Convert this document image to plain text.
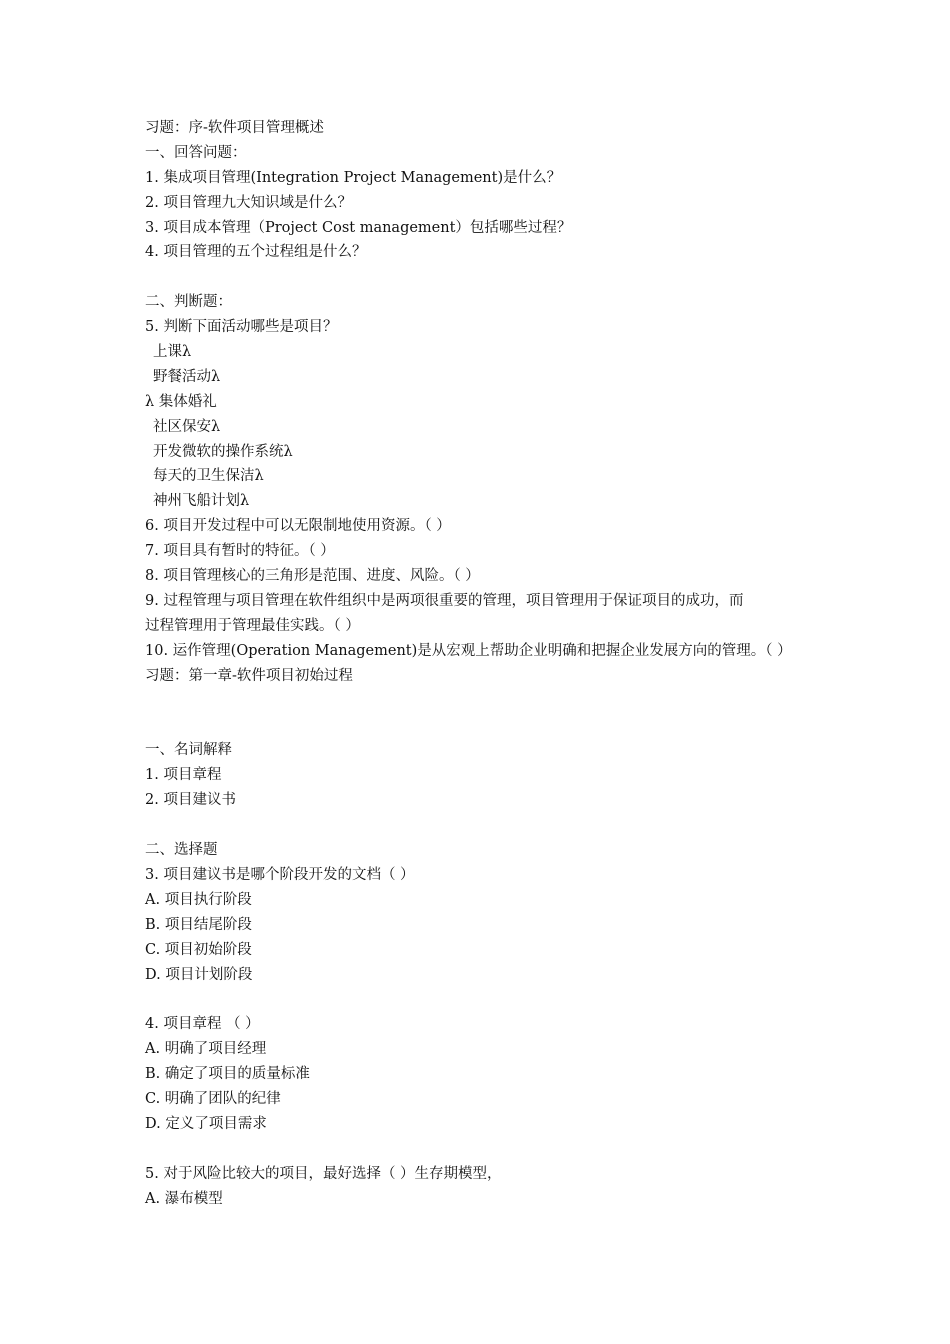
习题：序-软件项目管理概述
一、回答问题：
1. 集成项目管理(Integration Project Management)是什么？
2. 项目管理九大知识域是什么？
3. 项目成本管理（Project Cost management）包括哪些过程？
4. 项目管理的五个过程组是什么？
二、判断题：
5. 判断下面活动哪些是项目？
上课λ
野餐活动λ
λ 集体婚礼
社区保安λ
开发微软的操作系统λ
每天的卫生保洁λ
神州飞船计划λ
6. 项目开发过程中可以无限制地使用资源。（ ）
7. 项目具有暂时的特征。（ ）
8. 项目管理核心的三角形是范围、进度、风险。（ ）
9. 过程管理与项目管理在软件组织中是两项很重要的管理，项目管理用于保证项目的成功，而
过程管理用于管理最佳实践。（ ）
10. 运作管理(Operation Management)是从宏观上帮助企业明确和把握企业发展方向的管理。（ ）
习题：第一章-软件项目初始过程
一、名词解释
1. 项目章程
2. 项目建议书
二、选择题
3. 项目建议书是哪个阶段开发的文档（ ）
A. 项目执行阶段
B. 项目结尾阶段
C. 项目初始阶段
D. 项目计划阶段
4. 项目章程 （ ）
A. 明确了项目经理
B. 确定了项目的质量标准
C. 明确了团队的纪律
D. 定义了项目需求
5. 对于风险比较大的项目，最好选择（ ）生存期模型，
A. 瀑布模型
